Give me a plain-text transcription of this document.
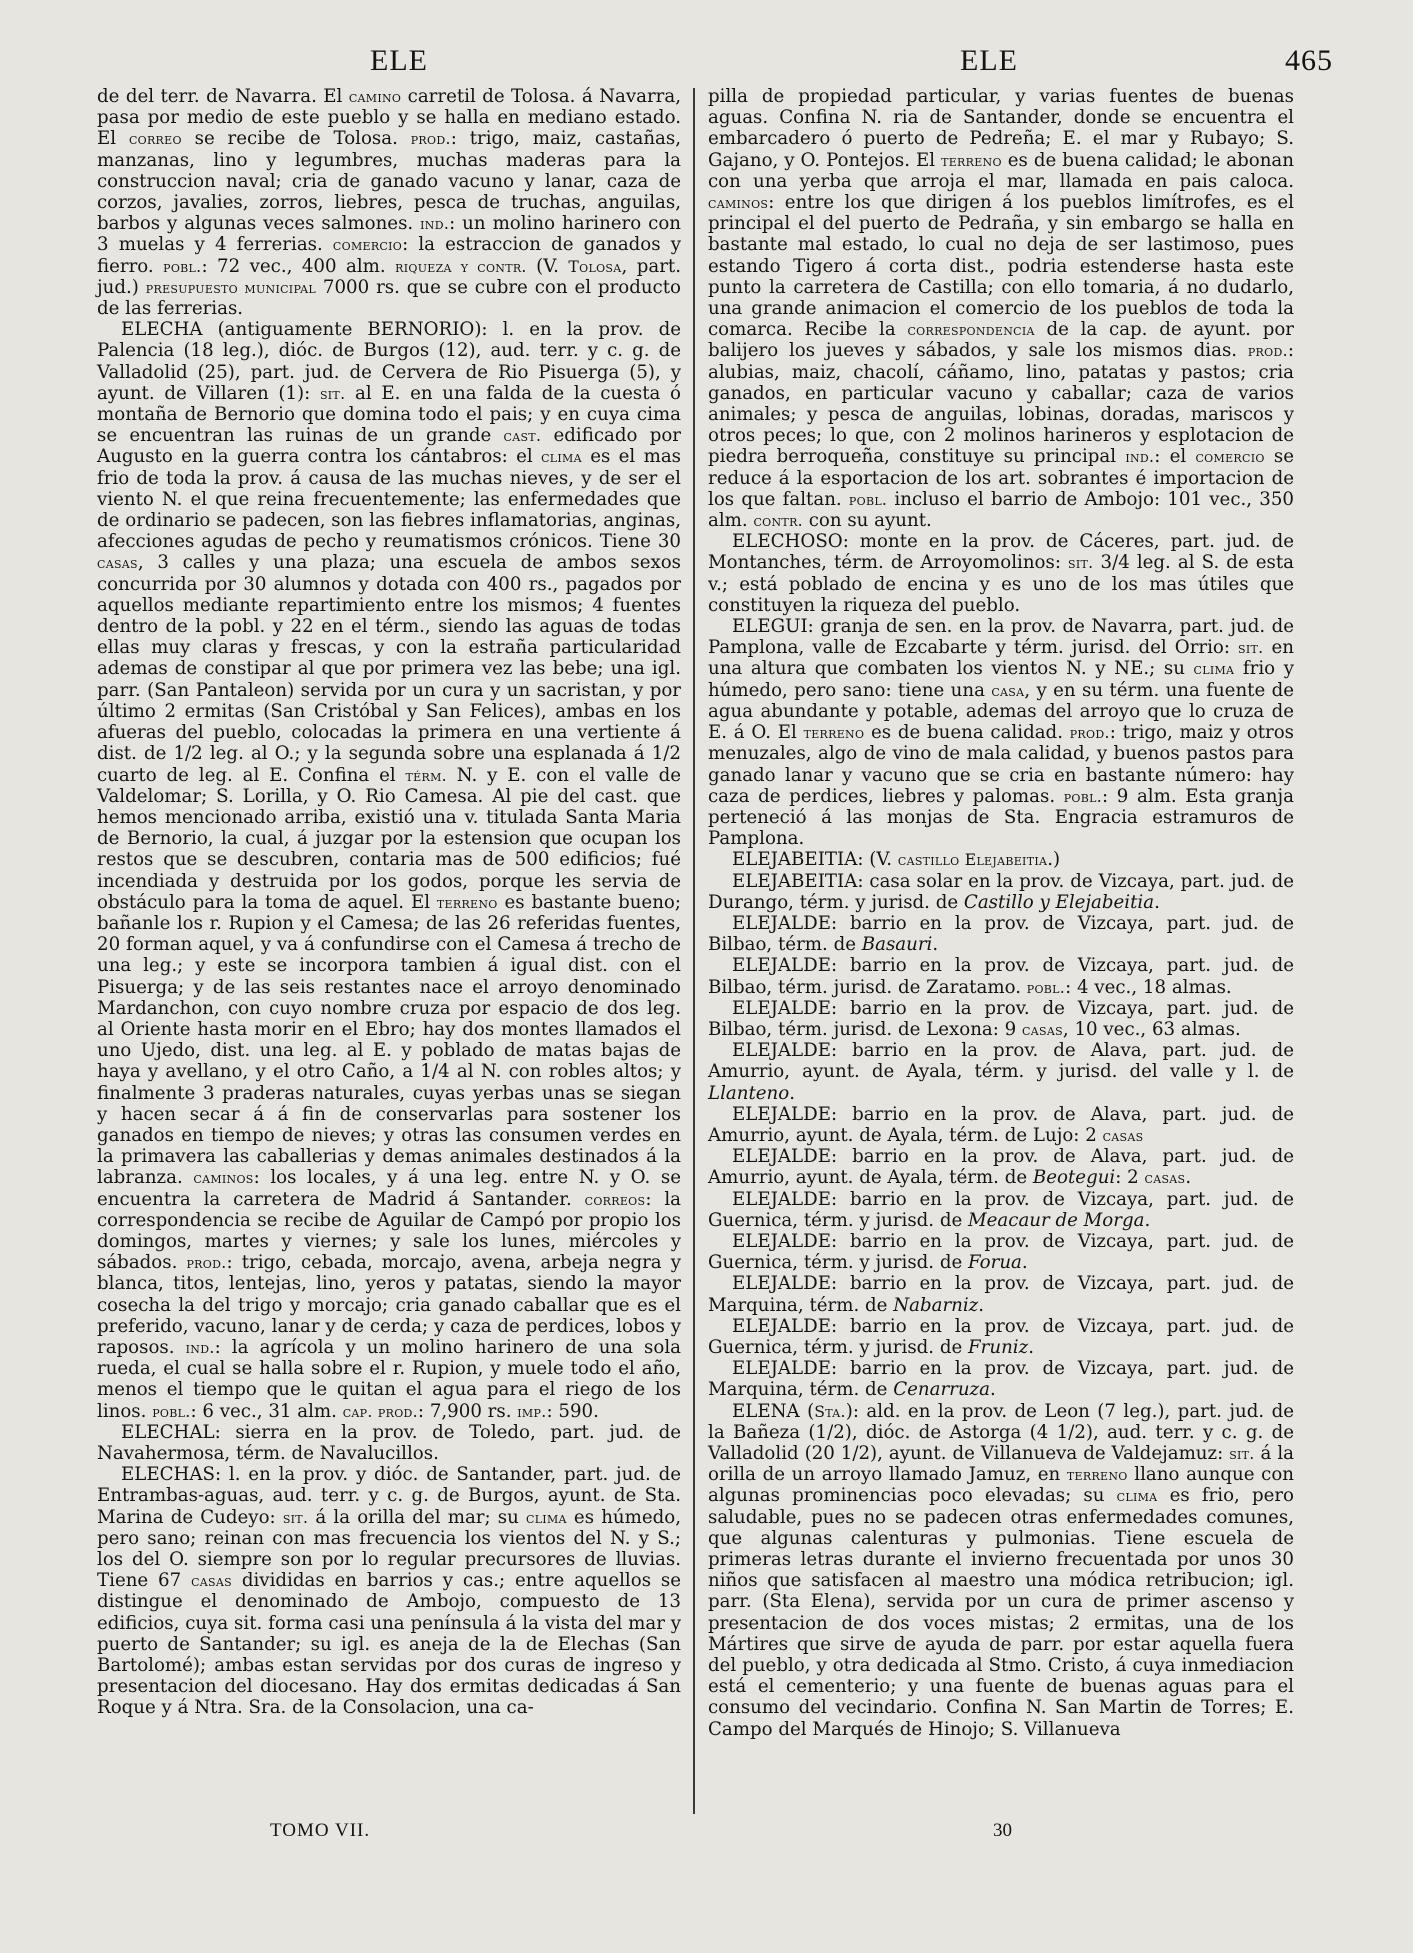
ELE	ELE	465

de del terr. de Navarra. El camino carretil de Tolosa. á Navarra, pasa por medio de este pueblo y se halla en mediano estado. El correo se recibe de Tolosa. prod.: trigo, maiz, castañas, manzanas, lino y legumbres, muchas maderas para la construccion naval; cria de ganado vacuno y lanar, caza de corzos, javalies, zorros, liebres, pesca de truchas, anguilas, barbos y algunas veces salmones. ind.: un molino harinero con 3 muelas y 4 ferrerias. comercio: la estraccion de ganados y fierro. pobl.: 72 vec., 400 alm. riqueza y contr. (V. Tolosa, part. jud.) presupuesto municipal 7000 rs. que se cubre con el producto de las ferrerias.

ELECHA (antiguamente BERNORIO): l. en la prov. de Palencia (18 leg.), dióc. de Burgos (12), aud. terr. y c. g. de Valladolid (25), part. jud. de Cervera de Rio Pisuerga (5), y ayunt. de Villaren (1): sit. al E. en una falda de la cuesta ó montaña de Bernorio que domina todo el pais; y en cuya cima se encuentran las ruinas de un grande cast. edificado por Augusto en la guerra contra los cántabros: el clima es el mas frio de toda la prov. á causa de las muchas nieves, y de ser el viento N. el que reina frecuentemente; las enfermedades que de ordinario se padecen, son las fiebres inflamatorias, anginas, afecciones agudas de pecho y reumatismos crónicos. Tiene 30 casas, 3 calles y una plaza; una escuela de ambos sexos concurrida por 30 alumnos y dotada con 400 rs., pagados por aquellos mediante repartimiento entre los mismos; 4 fuentes dentro de la pobl. y 22 en el térm., siendo las aguas de todas ellas muy claras y frescas, y con la estraña particularidad ademas de constipar al que por primera vez las bebe; una igl. parr. (San Pantaleon) servida por un cura y un sacristan, y por último 2 ermitas (San Cristóbal y San Felices), ambas en los afueras del pueblo, colocadas la primera en una vertiente á dist. de 1/2 leg. al O.; y la segunda sobre una esplanada á 1/2 cuarto de leg. al E. Confina el térm. N. y E. con el valle de Valdelomar; S. Lorilla, y O. Rio Camesa. Al pie del cast. que hemos mencionado arriba, existió una v. titulada Santa Maria de Bernorio, la cual, á juzgar por la estension que ocupan los restos que se descubren, contaria mas de 500 edificios; fué incendiada y destruida por los godos, porque les servia de obstáculo para la toma de aquel. El terreno es bastante bueno; bañanle los r. Rupion y el Camesa; de las 26 referidas fuentes, 20 forman aquel, y va á confundirse con el Camesa á trecho de una leg.; y este se incorpora tambien á igual dist. con el Pisuerga; y de las seis restantes nace el arroyo denominado Mardanchon, con cuyo nombre cruza por espacio de dos leg. al Oriente hasta morir en el Ebro; hay dos montes llamados el uno Ujedo, dist. una leg. al E. y poblado de matas bajas de haya y avellano, y el otro Caño, a 1/4 al N. con robles altos; y finalmente 3 praderas naturales, cuyas yerbas unas se siegan y hacen secar á á fin de conservarlas para sostener los ganados en tiempo de nieves; y otras las consumen verdes en la primavera las caballerias y demas animales destinados á la labranza. caminos: los locales, y á una leg. entre N. y O. se encuentra la carretera de Madrid á Santander. correos: la correspondencia se recibe de Aguilar de Campó por propio los domingos, martes y viernes; y sale los lunes, miércoles y sábados. prod.: trigo, cebada, morcajo, avena, arbeja negra y blanca, titos, lentejas, lino, yeros y patatas, siendo la mayor cosecha la del trigo y morcajo; cria ganado caballar que es el preferido, vacuno, lanar y de cerda; y caza de perdices, lobos y raposos. ind.: la agrícola y un molino harinero de una sola rueda, el cual se halla sobre el r. Rupion, y muele todo el año, menos el tiempo que le quitan el agua para el riego de los linos. pobl.: 6 vec., 31 alm. cap. prod.: 7,900 rs. imp.: 590.

ELECHAL: sierra en la prov. de Toledo, part. jud. de Navahermosa, térm. de Navalucillos.

ELECHAS: l. en la prov. y dióc. de Santander, part. jud. de Entrambas-aguas, aud. terr. y c. g. de Burgos, ayunt. de Sta. Marina de Cudeyo: sit. á la orilla del mar; su clima es húmedo, pero sano; reinan con mas frecuencia los vientos del N. y S.; los del O. siempre son por lo regular precursores de lluvias. Tiene 67 casas divididas en barrios y cas.; entre aquellos se distingue el denominado de Ambojo, compuesto de 13 edificios, cuya sit. forma casi una península á la vista del mar y puerto de Santander; su igl. es aneja de la de Elechas (San Bartolomé); ambas estan servidas por dos curas de ingreso y presentacion del diocesano. Hay dos ermitas dedicadas á San Roque y á Ntra. Sra. de la Consolacion, una ca-

pilla de propiedad particular, y varias fuentes de buenas aguas. Confina N. ria de Santander, donde se encuentra el embarcadero ó puerto de Pedreña; E. el mar y Rubayo; S. Gajano, y O. Pontejos. El terreno es de buena calidad; le abonan con una yerba que arroja el mar, llamada en pais caloca. caminos: entre los que dirigen á los pueblos limítrofes, es el principal el del puerto de Pedraña, y sin embargo se halla en bastante mal estado, lo cual no deja de ser lastimoso, pues estando Tigero á corta dist., podria estenderse hasta este punto la carretera de Castilla; con ello tomaria, á no dudarlo, una grande animacion el comercio de los pueblos de toda la comarca. Recibe la correspondencia de la cap. de ayunt. por balijero los jueves y sábados, y sale los mismos dias. prod.: alubias, maiz, chacolí, cáñamo, lino, patatas y pastos; cria ganados, en particular vacuno y caballar; caza de varios animales; y pesca de anguilas, lobinas, doradas, mariscos y otros peces; lo que, con 2 molinos harineros y esplotacion de piedra berroqueña, constituye su principal ind.: el comercio se reduce á la esportacion de los art. sobrantes é importacion de los que faltan. pobl. incluso el barrio de Ambojo: 101 vec., 350 alm. contr. con su ayunt.

ELECHOSO: monte en la prov. de Cáceres, part. jud. de Montanches, térm. de Arroyomolinos: sit. 3/4 leg. al S. de esta v.; está poblado de encina y es uno de los mas útiles que constituyen la riqueza del pueblo.

ELEGUI: granja de sen. en la prov. de Navarra, part. jud. de Pamplona, valle de Ezcabarte y térm. jurisd. del Orrio: sit. en una altura que combaten los vientos N. y NE.; su clima frio y húmedo, pero sano: tiene una casa, y en su térm. una fuente de agua abundante y potable, ademas del arroyo que lo cruza de E. á O. El terreno es de buena calidad. prod.: trigo, maiz y otros menuzales, algo de vino de mala calidad, y buenos pastos para ganado lanar y vacuno que se cria en bastante número: hay caza de perdices, liebres y palomas. pobl.: 9 alm. Esta granja perteneció á las monjas de Sta. Engracia estramuros de Pamplona.

ELEJABEITIA: (V. castillo Elejabeitia.)

ELEJABEITIA: casa solar en la prov. de Vizcaya, part. jud. de Durango, térm. y jurisd. de Castillo y Elejabeitia.

ELEJALDE: barrio en la prov. de Vizcaya, part. jud. de Bilbao, térm. de Basauri.

ELEJALDE: barrio en la prov. de Vizcaya, part. jud. de Bilbao, térm. jurisd. de Zaratamo. pobl.: 4 vec., 18 almas.

ELEJALDE: barrio en la prov. de Vizcaya, part. jud. de Bilbao, térm. jurisd. de Lexona: 9 casas, 10 vec., 63 almas.

ELEJALDE: barrio en la prov. de Alava, part. jud. de Amurrio, ayunt. de Ayala, térm. y jurisd. del valle y l. de Llanteno.

ELEJALDE: barrio en la prov. de Alava, part. jud. de Amurrio, ayunt. de Ayala, térm. de Lujo: 2 casas

ELEJALDE: barrio en la prov. de Alava, part. jud. de Amurrio, ayunt. de Ayala, térm. de Beotegui: 2 casas.

ELEJALDE: barrio en la prov. de Vizcaya, part. jud. de Guernica, térm. y jurisd. de Meacaur de Morga.

ELEJALDE: barrio en la prov. de Vizcaya, part. jud. de Guernica, térm. y jurisd. de Forua.

ELEJALDE: barrio en la prov. de Vizcaya, part. jud. de Marquina, térm. de Nabarniz.

ELEJALDE: barrio en la prov. de Vizcaya, part. jud. de Guernica, térm. y jurisd. de Fruniz.

ELEJALDE: barrio en la prov. de Vizcaya, part. jud. de Marquina, térm. de Cenarruza.

ELENA (Sta.): ald. en la prov. de Leon (7 leg.), part. jud. de la Bañeza (1/2), dióc. de Astorga (4 1/2), aud. terr. y c. g. de Valladolid (20 1/2), ayunt. de Villanueva de Valdejamuz: sit. á la orilla de un arroyo llamado Jamuz, en terreno llano aunque con algunas prominencias poco elevadas; su clima es frio, pero saludable, pues no se padecen otras enfermedades comunes, que algunas calenturas y pulmonias. Tiene escuela de primeras letras durante el invierno frecuentada por unos 30 niños que satisfacen al maestro una módica retribucion; igl. parr. (Sta Elena), servida por un cura de primer ascenso y presentacion de dos voces mistas; 2 ermitas, una de los Mártires que sirve de ayuda de parr. por estar aquella fuera del pueblo, y otra dedicada al Stmo. Cristo, á cuya inmediacion está el cementerio; y una fuente de buenas aguas para el consumo del vecindario. Confina N. San Martin de Torres; E. Campo del Marqués de Hinojo; S. Villanueva

TOMO VII.	30
